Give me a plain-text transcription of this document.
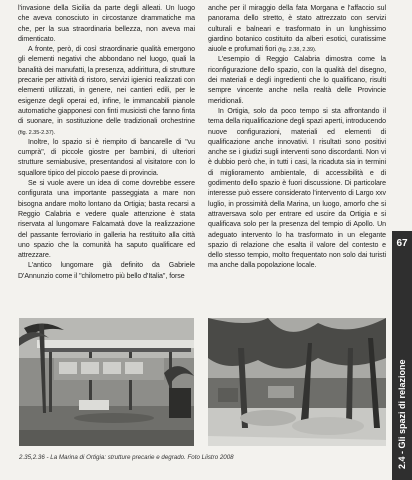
l'invasione della Sicilia da parte degli alleati. Un luogo che aveva conosciuto in circostanze drammatiche ma che, per la sua straordinaria bellezza, non aveva mai dimenticato.

A fronte, però, di così straordinarie qualità emergono gli elementi negativi che abbondano nel luogo, quali la banalità dei manufatti, la presenza, addirittura, di strutture precarie per attività di ristoro, servizi igienici realizzati con elementi utilizzati, in genere, nei cantieri edili, per le esigenze degli operai ed, infine, le immancabili pianole automatiche giapponesi con finti musicisti che fanno finta di suonare, in sostituzione delle tradizionali orchestrine (fig. 2.35-2.37).

Inoltre, lo spazio si è riempito di bancarelle di "vu cumprà", di piccole giostre per bambini, di ulteriori strutture semiabusive, presentandosi al visitatore con lo squallore tipico del piccolo paese di provincia.

Se si vuole avere un idea di come dovrebbe essere configurata una importante passeggiata a mare non bisogna andare molto lontano da Ortigia; basta recarsi a Reggio Calabria e vedere quale attenzione è stata riservata al lungomare Falcamatà dove la realizzazione del passante ferroviario in galleria ha restituito alla città uno spazio che la comunità ha saputo qualificare ed attrezzare.

L'antico lungomare già definito da Gabriele D'Annunzio come il "chilometro più bello d'Italia", forse

anche per il miraggio della fata Morgana e l'affaccio sul panorama dello stretto, è stato attrezzato con servizi culturali e balneari e trasformato in un lunghissimo giardino botanico costituito da alberi esotici, curatissime aiuole e profumati fiori (fig. 2.38, 2.39).

L'esempio di Reggio Calabria dimostra come la riconfigurazione dello spazio, con la qualità del disegno, dei materiali e degli ingredienti che lo qualificano, risulti sempre vincente anche nella realtà delle Provincie meridionali.

In Ortigia, solo da poco tempo si sta affrontando il tema della riqualificazione degli spazi aperti, introducendo nuove configurazioni, materiali ed elementi di qualificazione anche innovativi. I risultati sono positivi anche se i giudizi sugli interventi sono discordanti. Non vi è dubbio però che, in tutti i casi, la ricaduta sia in termini di miglioramento ambientale, di accessibilità e di godimento dello spazio è fuori discussione. Di particolare interesse può essere considerato l'intervento di Largo xxv luglio, in prossimità della Marina, un luogo, amorfo che si attraversava solo per entrare ed uscire da Ortigia e si qualificava solo per la presenza del tempio di Apollo. Un adeguato intervento lo ha trasformato in un elegante spazio di relazione che esalta il valore del contesto e dello stesso tempio, molto frequentato non solo dai turisti ma anche dalla popolazione locale.

2.35,2.36 - La Marina di Ortigia: strutture precarie e degrado. Foto Liistro 2008
67
2.4 - Gli spazi di relazione
